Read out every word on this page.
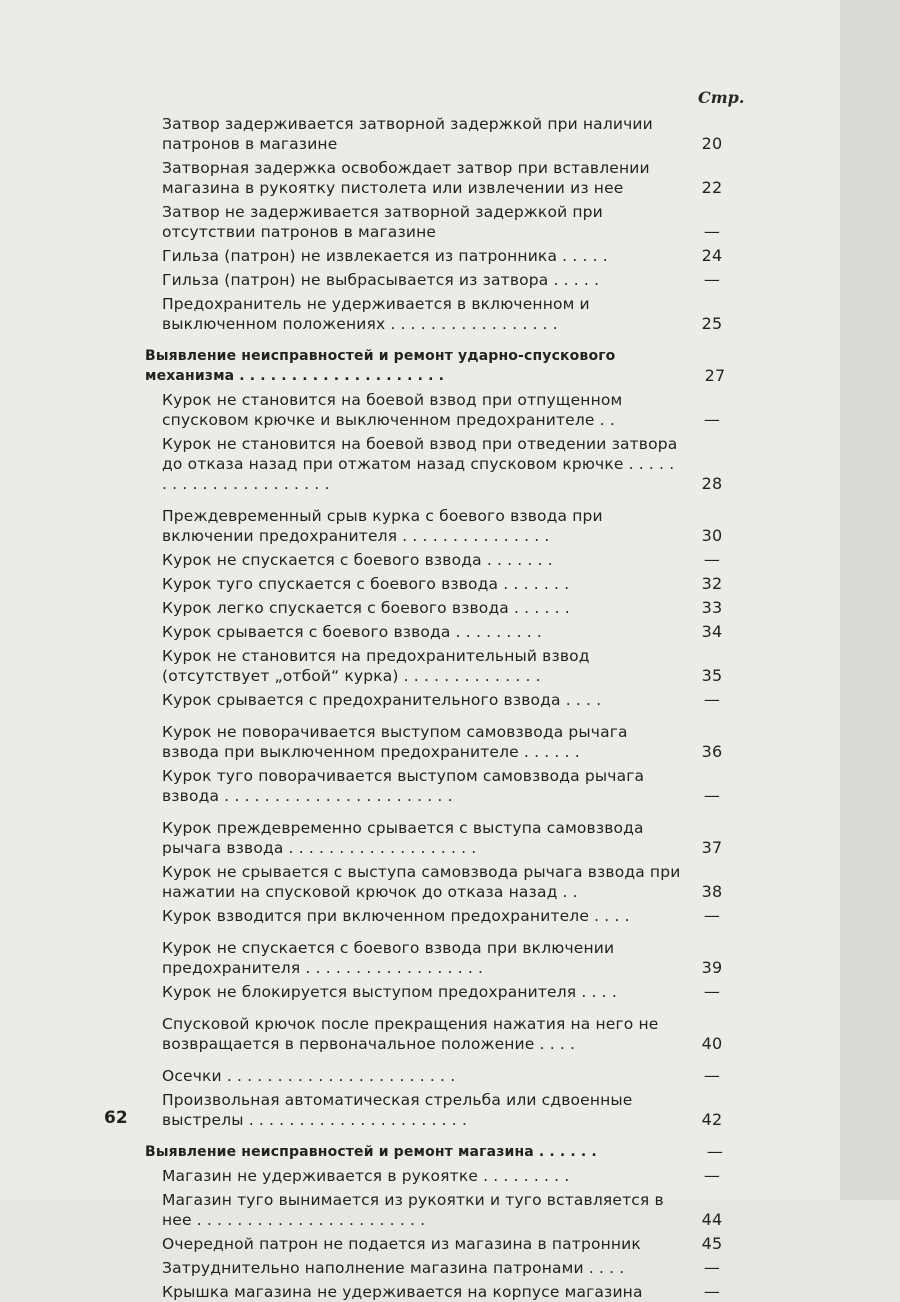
Стр.
Затвор задерживается затворной задержкой при наличии патронов в магазине	20
Затворная задержка освобождает затвор при вставлении магазина в рукоятку пистолета или извлечении из нее	22
Затвор не задерживается затворной задержкой при отсутствии патронов в магазине	—
Гильза (патрон) не извлекается из патронника . . . . .	24
Гильза (патрон) не выбрасывается из затвора . . . . .	—
Предохранитель не удерживается в включенном и выключенном положениях . . . . . . . . . . . . . . . . .	25
Выявление неисправностей и ремонт ударно-спускового механизма . . . . . . . . . . . . . . . . . . . .	27
Курок не становится на боевой взвод при отпущенном спусковом крючке и выключенном предохранителе . .	—
Курок не становится на боевой взвод при отведении затвора до отказа назад при отжатом назад спусковом крючке . . . . . . . . . . . . . . . . . . . . . .	28
Преждевременный срыв курка с боевого взвода при включении предохранителя . . . . . . . . . . . . . . .	30
Курок не спускается с боевого взвода . . . . . . .	—
Курок туго спускается с боевого взвода . . . . . . .	32
Курок легко спускается с боевого взвода . . . . . .	33
Курок срывается с боевого взвода . . . . . . . . .	34
Курок не становится на предохранительный взвод (отсутствует „отбой“ курка) . . . . . . . . . . . . . .	35
Курок срывается с предохранительного взвода . . . .	—
Курок не поворачивается выступом самовзвода рычага взвода при выключенном предохранителе . . . . . .	36
Курок туго поворачивается выступом самовзвода рычага взвода . . . . . . . . . . . . . . . . . . . . . . .	—
Курок преждевременно срывается с выступа самовзвода рычага взвода . . . . . . . . . . . . . . . . . . .	37
Курок не срывается с выступа самовзвода рычага взвода при нажатии на спусковой крючок до отказа назад . .	38
Курок взводится при включенном предохранителе . . . .	—
Курок не спускается с боевого взвода при включении предохранителя . . . . . . . . . . . . . . . . . .	39
Курок не блокируется выступом предохранителя . . . .	—
Спусковой крючок после прекращения нажатия на него не возвращается в первоначальное положение . . . .	40
Осечки . . . . . . . . . . . . . . . . . . . . . . .	—
Произвольная автоматическая стрельба или сдвоенные выстрелы . . . . . . . . . . . . . . . . . . . . . .	42
Выявление неисправностей и ремонт магазина . . . . . .	—
Магазин не удерживается в рукоятке . . . . . . . . .	—
Магазин туго вынимается из рукоятки и туго вставляется в нее . . . . . . . . . . . . . . . . . . . . . . .	44
Очередной патрон не подается из магазина в патронник	45
Затруднительно наполнение магазина патронами . . . .	—
Крышка магазина не удерживается на корпусе магазина	—
62
